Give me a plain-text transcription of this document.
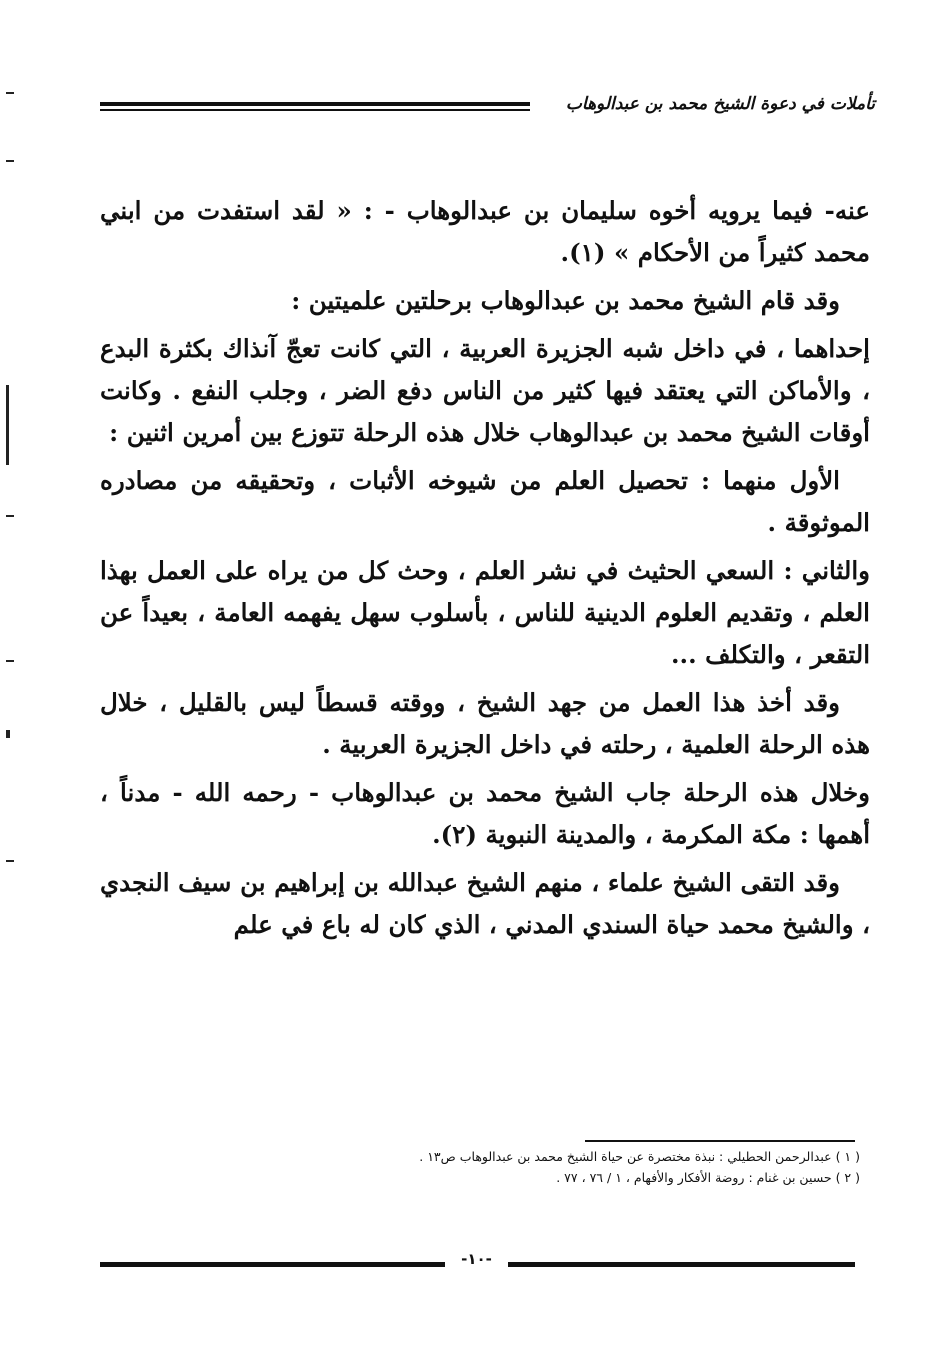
تأملات في دعوة الشيخ محمد بن عبدالوهاب

عنه- فيما يرويه أخوه سليمان بن عبدالوهاب - : « لقد استفدت من ابني محمد كثيراً من الأحكام » (١).

وقد قام الشيخ محمد بن عبدالوهاب برحلتين علميتين :

إحداهما ، في داخل شبه الجزيرة العربية ، التي كانت تعجّ آنذاك بكثرة البدع ، والأماكن التي يعتقد فيها كثير من الناس دفع الضر ، وجلب النفع . وكانت أوقات الشيخ محمد بن عبدالوهاب خلال هذه الرحلة تتوزع بين أمرين اثنين :

الأول منهما : تحصيل العلم من شيوخه الأثبات ، وتحقيقه من مصادره الموثوقة .

والثاني : السعي الحثيث في نشر العلم ، وحث كل من يراه على العمل بهذا العلم ، وتقديم العلوم الدينية للناس ، بأسلوب سهل يفهمه العامة ، بعيداً عن التقعر ، والتكلف ...

وقد أخذ هذا العمل من جهد الشيخ ، ووقته قسطاً ليس بالقليل ، خلال هذه الرحلة العلمية ، رحلته في داخل الجزيرة العربية .

وخلال هذه الرحلة جاب الشيخ محمد بن عبدالوهاب - رحمه الله - مدناً ، أهمها : مكة المكرمة ، والمدينة النبوية (٢).

وقد التقى الشيخ علماء ، منهم الشيخ عبدالله بن إبراهيم بن سيف النجدي ، والشيخ محمد حياة السندي المدني ، الذي كان له باع في علم

( ١ ) عبدالرحمن الحطيلي : نبذة مختصرة عن حياة الشيخ محمد بن عبدالوهاب ص١٣ .
( ٢ ) حسين بن غنام : روضة الأفكار والأفهام ، ١ / ٧٦ ، ٧٧ .
-١٠-
